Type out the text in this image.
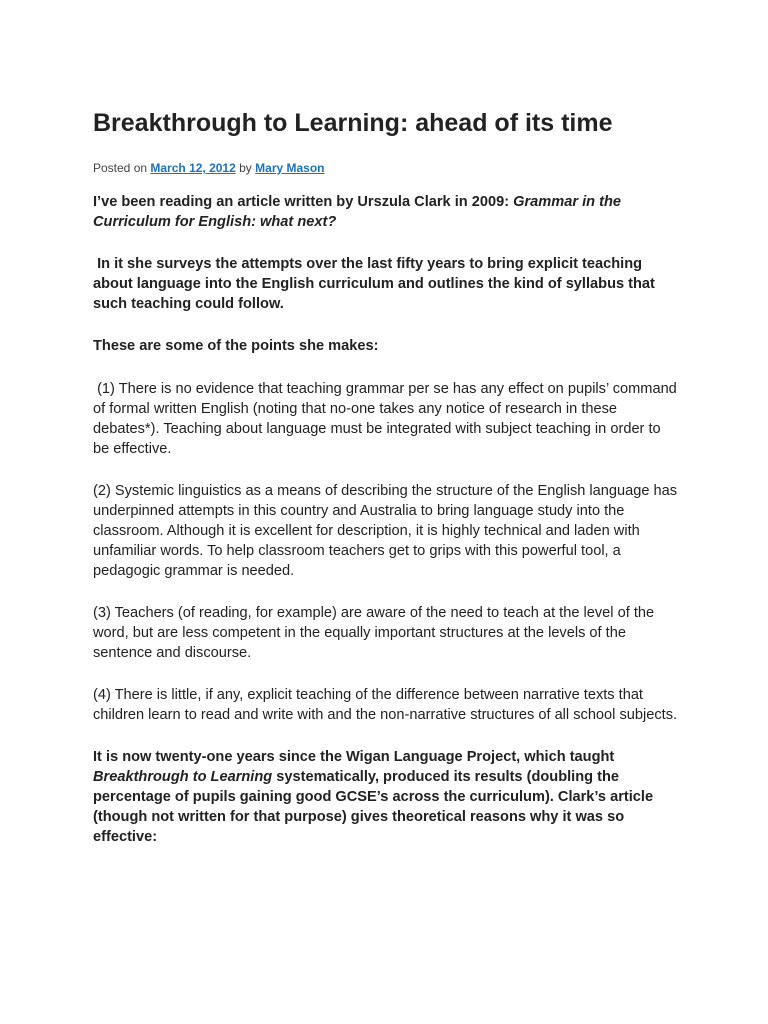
Breakthrough to Learning: ahead of its time
Posted on March 12, 2012 by Mary Mason

I’ve been reading an article written by Urszula Clark in 2009: Grammar in the Curriculum for English: what next?

In it she surveys the attempts over the last fifty years to bring explicit teaching about language into the English curriculum and outlines the kind of syllabus that such teaching could follow.

These are some of the points she makes:

(1) There is no evidence that teaching grammar per se has any effect on pupils’ command of formal written English (noting that no-one takes any notice of research in these debates*). Teaching about language must be integrated with subject teaching in order to be effective.

(2) Systemic linguistics as a means of describing the structure of the English language has underpinned attempts in this country and Australia to bring language study into the classroom. Although it is excellent for description, it is highly technical and laden with unfamiliar words. To help classroom teachers get to grips with this powerful tool, a pedagogic grammar is needed.

(3) Teachers (of reading, for example) are aware of the need to teach at the level of the word, but are less competent in the equally important structures at the levels of the sentence and discourse.

(4) There is little, if any, explicit teaching of the difference between narrative texts that children learn to read and write with and the non-narrative structures of all school subjects.

It is now twenty-one years since the Wigan Language Project, which taught Breakthrough to Learning systematically, produced its results (doubling the percentage of pupils gaining good GCSE’s across the curriculum). Clark’s article (though not written for that purpose) gives theoretical reasons why it was so effective:
